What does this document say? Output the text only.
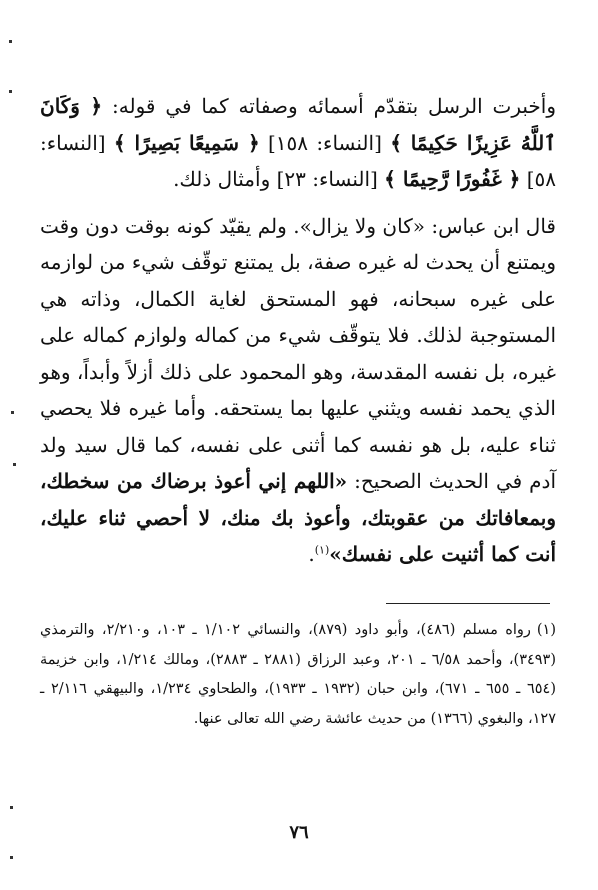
وأخبرت الرسل بتقدّم أسمائه وصفاته كما في قوله: ﴿ وَكَانَ ٱللَّهُ عَزِيزًا حَكِيمًا ﴾ [النساء: ١٥٨] ﴿ سَمِيعًا بَصِيرًا ﴾ [النساء: ٥٨] ﴿ غَفُورًا رَّحِيمًا ﴾ [النساء: ٢٣] وأمثال ذلك.

قال ابن عباس: «كان ولا يزال». ولم يقيّد كونه بوقت دون وقت ويمتنع أن يحدث له غيره صفة، بل يمتنع توقّف شيء من لوازمه على غيره سبحانه، فهو المستحق لغاية الكمال، وذاته هي المستوجبة لذلك. فلا يتوقّف شيء من كماله ولوازم كماله على غيره، بل نفسه المقدسة، وهو المحمود على ذلك أزلاً وأبداً، وهو الذي يحمد نفسه ويثني عليها بما يستحقه. وأما غيره فلا يحصي ثناء عليه، بل هو نفسه كما أثنى على نفسه، كما قال سيد ولد آدم في الحديث الصحيح: «اللهم إني أعوذ برضاك من سخطك، وبمعافاتك من عقوبتك، وأعوذ بك منك، لا أحصي ثناء عليك، أنت كما أثنيت على نفسك»$^{(١)}$.

(١)رواه مسلم (٤٨٦)، وأبو داود (٨٧٩)، والنسائي ١/١٠٢ ـ ١٠٣، و٢/٢١٠، والترمذي (٣٤٩٣)، وأحمد ٦/٥٨ ـ ٢٠١، وعبد الرزاق (٢٨٨١ ـ ٢٨٨٣)، ومالك ١/٢١٤، وابن خزيمة (٦٥٤ ـ ٦٥٥ ـ ٦٧١)، وابن حبان (١٩٣٢ ـ ١٩٣٣)، والطحاوي ١/٢٣٤، والبيهقي ٢/١١٦ ـ ١٢٧، والبغوي (١٣٦٦) من حديث عائشة رضي الله تعالى عنها.
٧٦
